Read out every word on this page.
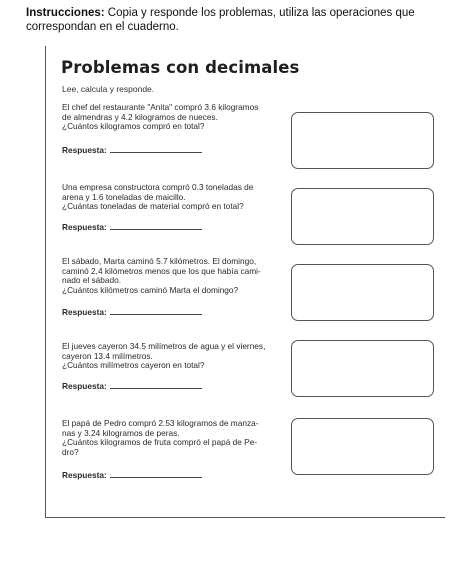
Instrucciones: Copia y responde los problemas, utiliza las operaciones que correspondan en el cuaderno.
Problemas con decimales
Lee, calcula y responde.
El chef del restaurante "Anita" compró 3.6 kilogramos
de almendras y 4.2 kilogramos de nueces.
¿Cuántos kilogramos compró en total?
Respuesta:
Una empresa constructora compró 0.3 toneladas de
arena y 1.6 toneladas de maicillo.
¿Cuántas toneladas de material compró en total?
Respuesta:
El sábado, Marta caminó 5.7 kilómetros. El domingo,
caminó 2,4 kilómetros menos que los que había cami-
nado el sábado.
¿Cuántos kilómetros caminó Marta el domingo?
Respuesta:
El jueves cayeron 34.5 milímetros de agua y el viernes,
cayeron 13.4 milímetros.
¿Cuántos milímetros cayeron en total?
Respuesta:
El papá de Pedro compró 2.53 kilogramos de manza-
nas y 3.24 kilogramos de peras.
¿Cuántos kilogramos de fruta compró el papá de Pe-
dro?
Respuesta:
